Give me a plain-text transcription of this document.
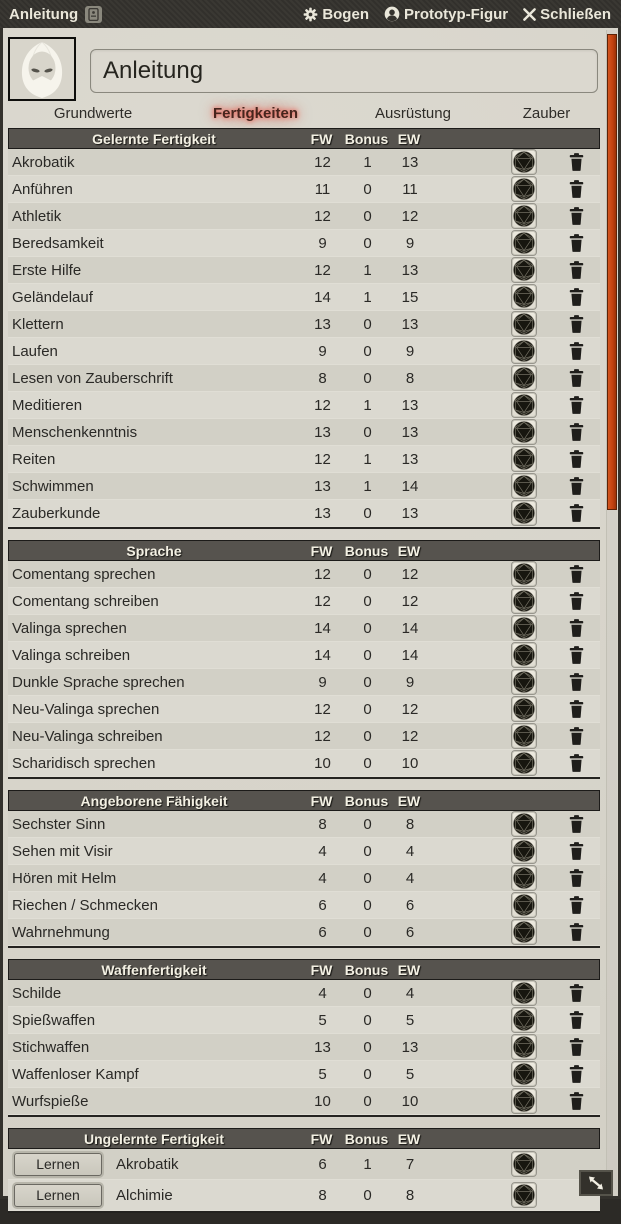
Anleitung	Bogen Prototyp-Figur Schließen
Anleitung
Grundwerte	Fertigkeiten	Ausrüstung	Zauber
Gelernte Fertigkeit	FW Bonus EW
Akrobatik	12	1	13
Anführen	11	0	11
Athletik	12	0	12
Beredsamkeit	9	0	9
Erste Hilfe	12	1	13
Geländelauf	14	1	15
Klettern	13	0	13
Laufen	9	0	9
Lesen von Zauberschrift	8	0	8
Meditieren	12	1	13
Menschenkenntnis	13	0	13
Reiten	12	1	13
Schwimmen	13	1	14
Zauberkunde	13	0	13
Sprache	FW Bonus EW
Comentang sprechen	12	0	12
Comentang schreiben	12	0	12
Valinga sprechen	14	0	14
Valinga schreiben	14	0	14
Dunkle Sprache sprechen	9	0	9
Neu-Valinga sprechen	12	0	12
Neu-Valinga schreiben	12	0	12
Scharidisch sprechen	10	0	10
Angeborene Fähigkeit	FW Bonus EW
Sechster Sinn	8	0	8
Sehen mit Visir	4	0	4
Hören mit Helm	4	0	4
Riechen / Schmecken	6	0	6
Wahrnehmung	6	0	6
Waffenfertigkeit	FW Bonus EW
Schilde	4	0	4
Spießwaffen	5	0	5
Stichwaffen	13	0	13
Waffenloser Kampf	5	0	5
Wurfspieße	10	0	10
Ungelernte Fertigkeit	FW Bonus EW
Lernen	Akrobatik	6	1	7
Lernen	Alchimie	8	0	8
